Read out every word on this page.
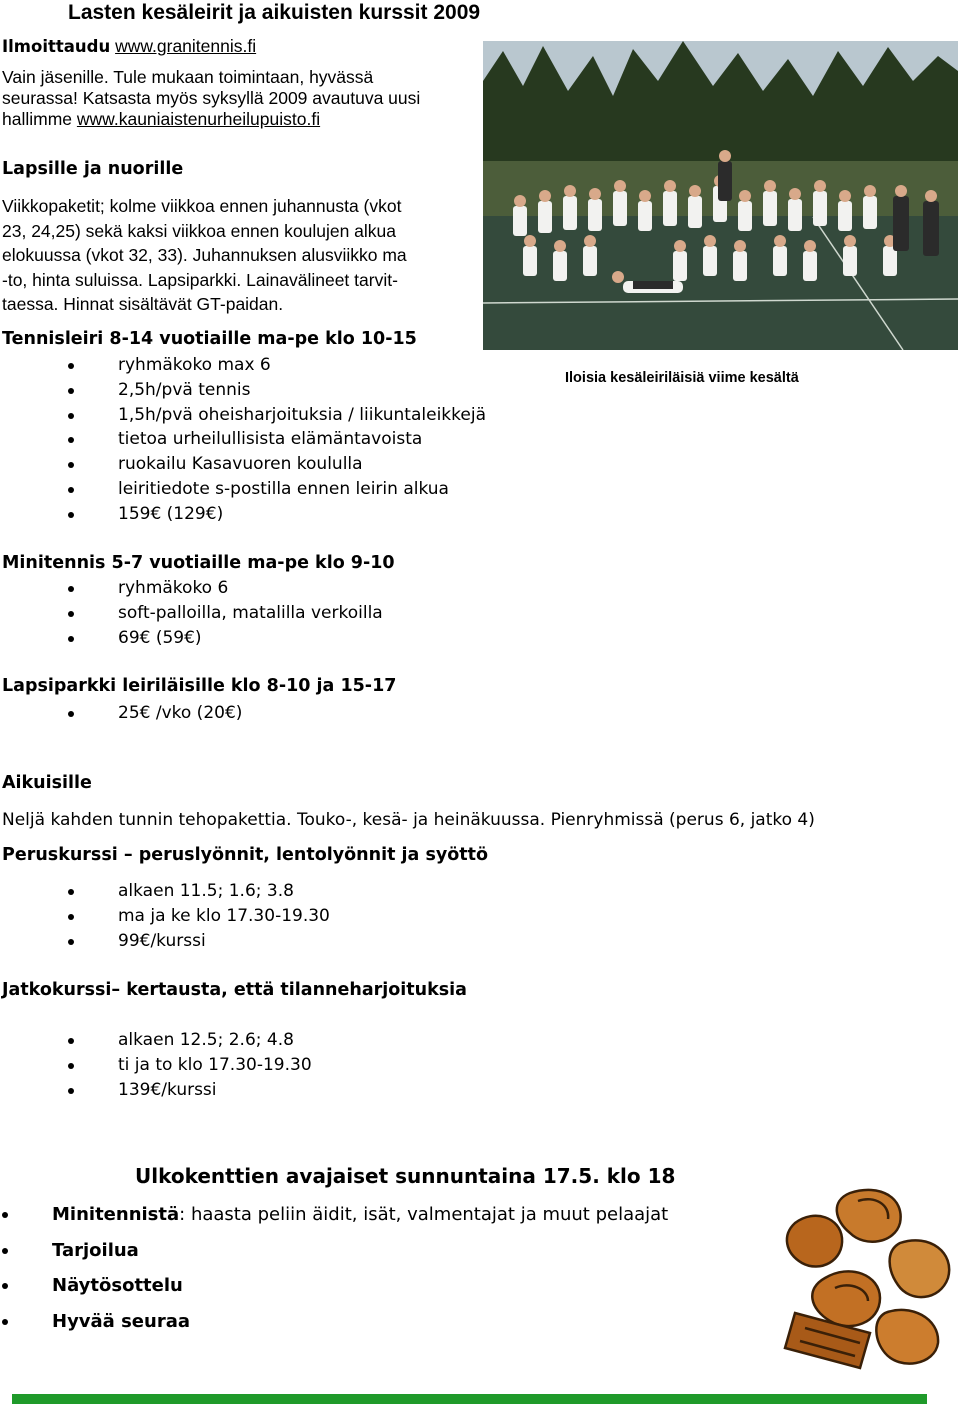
Lasten kesäleirit ja aikuisten kurssit 2009

Ilmoittaudu www.granitennis.fi

Vain jäsenille. Tule mukaan toimintaan, hyvässä seurassa! Katsasta myös syksyllä 2009 avautuva uusi hallimme www.kauniaistenurheilupuisto.fi

Lapsille ja nuorille
Viikkopaketit; kolme viikkoa ennen juhannusta (vkot
23, 24,25) sekä kaksi viikkoa ennen koulujen alkua
elokuussa (vkot 32, 33). Juhannuksen alusviikko ma
-to, hinta suluissa. Lapsiparkki. Lainavälineet tarvit-
taessa. Hinnat sisältävät GT-paidan.
Tennisleiri 8-14 vuotiaille ma-pe klo 10-15
ryhmäkoko max 6
2,5h/pvä tennis
1,5h/pvä oheisharjoituksia / liikuntaleikkejä
tietoa urheilullisista elämäntavoista
ruokailu Kasavuoren koululla
leiritiedote s-postilla ennen leirin alkua
159€ (129€)
Iloisia kesäleiriläisiä viime kesältä
Minitennis 5-7 vuotiaille ma-pe klo 9-10
ryhmäkoko 6
soft-palloilla, matalilla verkoilla
69€ (59€)
Lapsiparkki leiriläisille klo 8-10 ja 15-17
25€ /vko (20€)
Aikuisille
Neljä kahden tunnin tehopakettia. Touko-, kesä- ja heinäkuussa. Pienryhmissä (perus 6, jatko 4)
Peruskurssi – peruslyönnit, lentolyönnit ja syöttö
alkaen 11.5; 1.6; 3.8
ma ja ke klo 17.30-19.30
99€/kurssi
Jatkokurssi– kertausta, että tilanneharjoituksia
alkaen 12.5; 2.6; 4.8
ti ja to klo 17.30-19.30
139€/kurssi
Ulkokenttien avajaiset sunnuntaina 17.5. klo 18
Minitennistä: haasta peliin äidit, isät, valmentajat ja muut pelaajat
Tarjoilua
Näytösottelu
Hyvää seuraa
